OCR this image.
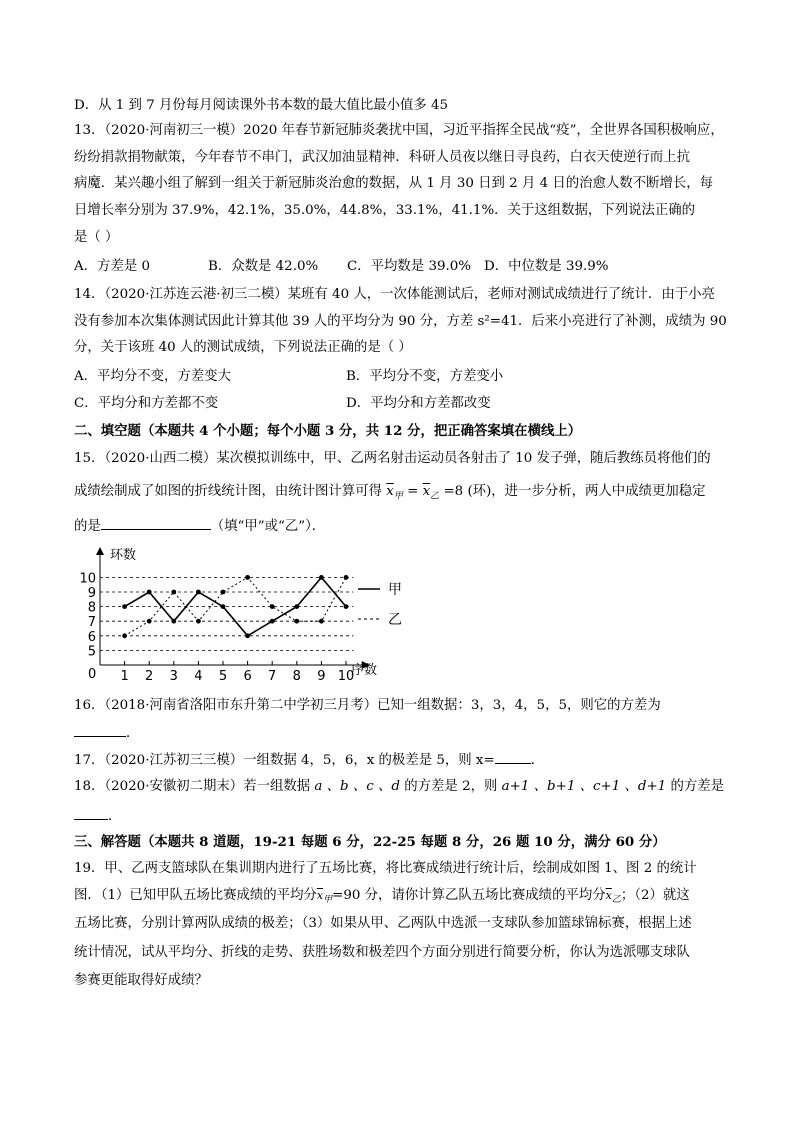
D．从 1 到 7 月份每月阅读课外书本数的最大值比最小值多 45
13．（2020·河南初三一模）2020 年春节新冠肺炎袭扰中国，习近平指挥全民战“疫”，全世界各国积极响应，
纷纷捐款捐物献策，今年春节不串门，武汉加油显精神．科研人员夜以继日寻良药，白衣天使逆行而上抗
病魔．某兴趣小组了解到一组关于新冠肺炎治愈的数据，从 1 月 30 日到 2 月 4 日的治愈人数不断增长，每
日增长率分别为 37.9%，42.1%，35.0%，44.8%，33.1%，41.1%．关于这组数据，下列说法正确的
是（ ）
A．方差是 0	B．众数是 42.0% C．平均数是 39.0% D．中位数是 39.9%
14．（2020·江苏连云港·初三二模）某班有 40 人，一次体能测试后，老师对测试成绩进行了统计．由于小亮
没有参加本次集体测试因此计算其他 39 人的平均分为 90 分，方差 s²=41．后来小亮进行了补测，成绩为 90
分，关于该班 40 人的测试成绩，下列说法正确的是（ ）
A．平均分不变，方差变大	B．平均分不变，方差变小
C．平均分和方差都不变	D．平均分和方差都改变
二、填空题（本题共 4 个小题；每个小题 3 分，共 12 分，把正确答案填在横线上）
15．（2020·山西二模）某次模拟训练中，甲、乙两名射击运动员各射击了 10 发子弹，随后教练员将他们的
成绩绘制成了如图的折线统计图，由统计图计算可得 $\overline{x}_甲 = \overline{x}_乙 =8$ (环)，进一步分析，两人中成绩更加稳定
的是	（填“甲”或“乙”）．
5
6
7
8
9
10
1 2 3 4 5 6 7 8 9 10
环数
序数
0
甲
乙
16．（2018·河南省洛阳市东升第二中学初三月考）已知一组数据：3，3，4，5，5，则它的方差为
．
17．（2020·江苏初三三模）一组数据 4，5，6，x 的极差是 5，则 x=	．
18．（2020·安徽初二期末）若一组数据 a 、b 、c 、d 的方差是 2，则 a+1 、b+1 、c+1 、d+1 的方差是
．
三、解答题（本题共 8 道题，19-21 每题 6 分，22-25 每题 8 分，26 题 10 分，满分 60 分）
19．甲、乙两支篮球队在集训期内进行了五场比赛，将比赛成绩进行统计后，绘制成如图 1、图 2 的统计
图．（1）已知甲队五场比赛成绩的平均分$\overline{x}_甲=90$ 分，请你计算乙队五场比赛成绩的平均分$\overline{x}_乙$；（2）就这
五场比赛，分别计算两队成绩的极差；（3）如果从甲、乙两队中选派一支球队参加篮球锦标赛，根据上述
统计情况，试从平均分、折线的走势、获胜场数和极差四个方面分别进行简要分析，你认为选派哪支球队
参赛更能取得好成绩？
